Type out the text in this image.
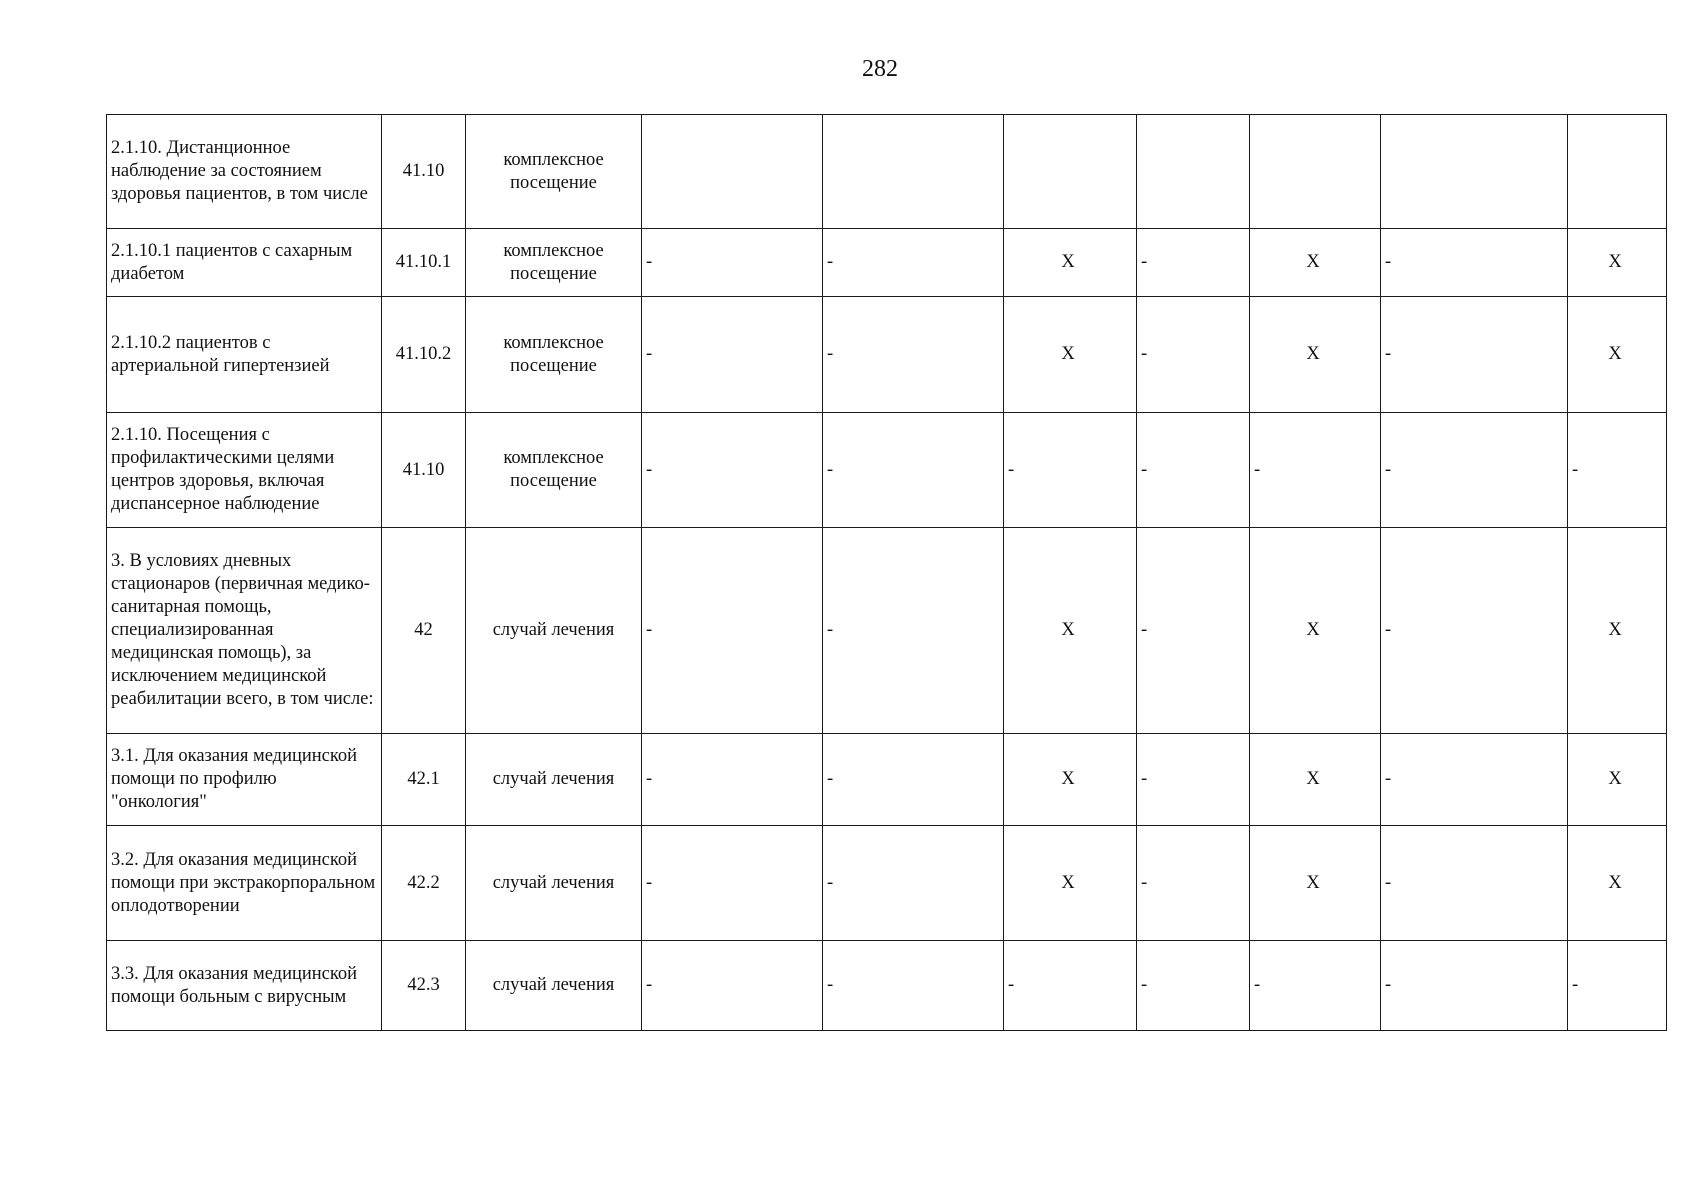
282
2.1.10. Дистанционное наблюдение за состоянием здоровья пациентов, в том числе	41.10	комплексное посещение							
2.1.10.1 пациентов с сахарным диабетом	41.10.1	комплексное посещение	-	-	X	-	X	-	X
2.1.10.2 пациентов с артериальной гипертензией	41.10.2	комплексное посещение	-	-	X	-	X	-	X
2.1.10. Посещения с профилактическими целями центров здоровья, включая диспансерное наблюдение	41.10	комплексное посещение	-	-	-	-	-	-	-
3. В условиях дневных стационаров (первичная медико-санитарная помощь, специализированная медицинская помощь), за исключением медицинской реабилитации всего, в том числе:	42	случай лечения	-	-	X	-	X	-	X
3.1. Для оказания медицинской помощи по профилю "онкология"	42.1	случай лечения	-	-	X	-	X	-	X
3.2. Для оказания медицинской помощи при экстракорпоральном оплодотворении	42.2	случай лечения	-	-	X	-	X	-	X
3.3. Для оказания медицинской помощи больным с вирусным	42.3	случай лечения	-	-	-	-	-	-	-
